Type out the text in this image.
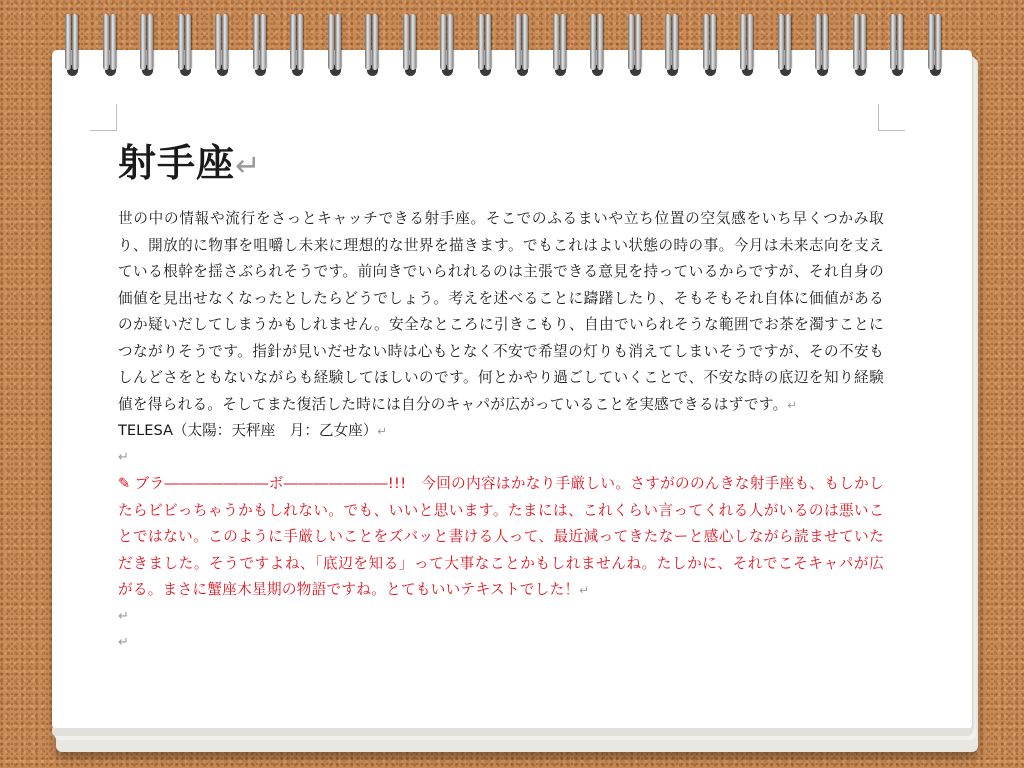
射手座↵

世の中の情報や流行をさっとキャッチできる射手座。そこでのふるまいや立ち位置の空気感をいち早くつかみ取り、開放的に物事を咀嚼し未来に理想的な世界を描きます。でもこれはよい状態の時の事。今月は未来志向を支えている根幹を揺さぶられそうです。前向きでいられれるのは主張できる意見を持っているからですが、それ自身の価値を見出せなくなったとしたらどうでしょう。考えを述べることに躊躇したり、そもそもそれ自体に価値があるのか疑いだしてしまうかもしれません。安全なところに引きこもり、自由でいられそうな範囲でお茶を濁すことにつながりそうです。指針が見いだせない時は心もとなく不安で希望の灯りも消えてしまいそうですが、その不安もしんどさをともないながらも経験してほしいのです。何とかやり過ごしていくことで、不安な時の底辺を知り経験値を得られる。そしてまた復活した時には自分のキャパが広がっていることを実感できるはずです。↵

TELESA（太陽：天秤座　月：乙女座）↵

↵

✎ ブラ―――――――ボ―――――――!!!　今回の内容はかなり手厳しい。さすがののんきな射手座も、もしかしたらビビっちゃうかもしれない。でも、いいと思います。たまには、これくらい言ってくれる人がいるのは悪いことではない。このように手厳しいことをズバッと書ける人って、最近減ってきたなーと感心しながら読ませていただきました。そうですよね、「底辺を知る」って大事なことかもしれませんね。たしかに、それでこそキャパが広がる。まさに蟹座木星期の物語ですね。とてもいいテキストでした！↵

↵

↵
